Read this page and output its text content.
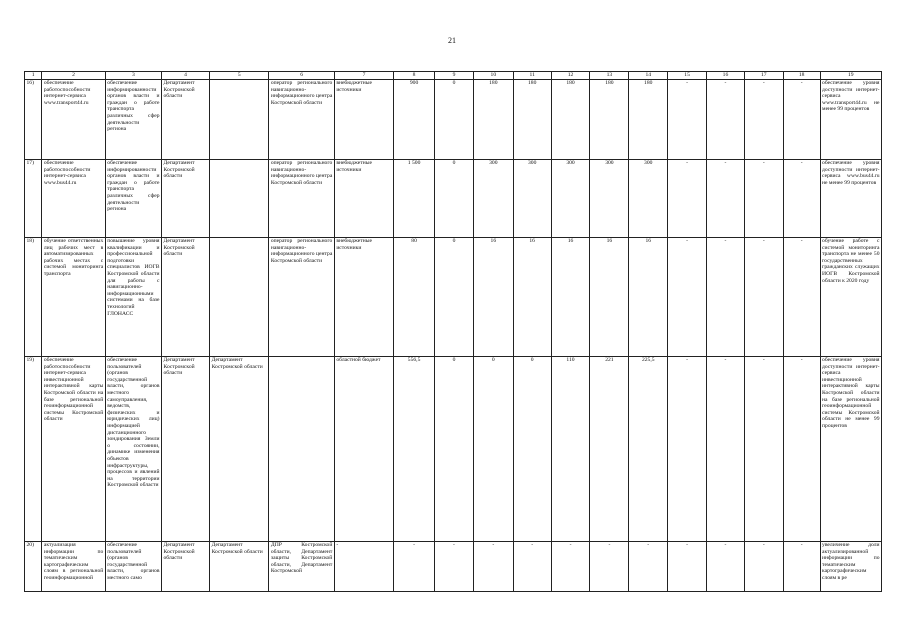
21
1	2	3	4	5	6	7	8	9	10	11	12	13	14	15	16	17	18	19
16)	обеспечение работоспособности интернет-сервиса www.transport44.ru	обеспечение информированности органов власти и граждан о работе транспорта различных сфер деятельности региона	Департамент Костромской области		оператор регионального навигационно-информационного центра Костромской области	внебюджетные источники	900	0	180	180	180	180	180	-	-	-	-	обеспечение уровня доступности интернет-сервиса www.transport44.ru не менее 99 процентов
17)	обеспечение работоспособности интернет-сервиса www.bus44.ru	обеспечение информированности органов власти и граждан о работе транспорта различных сфер деятельности региона	Департамент Костромской области		оператор регионального навигационно-информационного центра Костромской области	внебюджетные источники	1 500	0	300	300	300	300	300	-	-	-	-	обеспечение уровня доступности интернет-сервиса www.bus44.ru не менее 99 процентов
18)	обучение ответственных лиц рабочих мест в автоматизированных рабочих местах с системой мониторинга транспорта	повышение уровня квалификации и профессиональной подготовки специалистов ИОГВ Костромской области для работы с навигационно-информационными системами на базе технологий ГЛОНАСС	Департамент Костромской области		оператор регионального навигационно-информационного центра Костромской области	внебюджетные источники	80	0	16	16	16	16	16	-	-	-	-	обучение работе с системой мониторинга транспорта не менее 50 государственных гражданских служащих ИОГВ Костромской области к 2020 году
19)	обеспечение работоспособности интернет-сервиса инвестиционной интерактивной карты Костромской области на базе региональной геоинформационной системы Костромской области	обеспечение пользователей (органов государственной власти, органов местного самоуправления, ведомств, физических и юридических лиц) информацией дистанционного зондирования Земли о состоянии, динамике изменения объектов инфраструктуры, процессов и явлений на территории Костромской области	Департамент Костромской области	Департамент Костромской области		областной бюджет	556,5	0	0	0	110	221	225,5	-	-	-	-	обеспечение уровня доступности интернет-сервиса инвестиционной интерактивной карты Костромской области на базе региональной геоинформационной системы Костромской области не менее 99 процентов
20)	актуализация информации по тематическим картографическим слоям в региональной геоинформационной	обеспечение пользователей (органов государственной власти, органов местного само	Департамент Костромской области	Департамент Костромской области	ДПР Костромской области, Департамент защиты Костромской области, Департамент Костромской	-	-	-	-	-	-	-	-	-	-	-	-	увеличение доли актуализированной информации по тематическим картографическим слоям в ре
